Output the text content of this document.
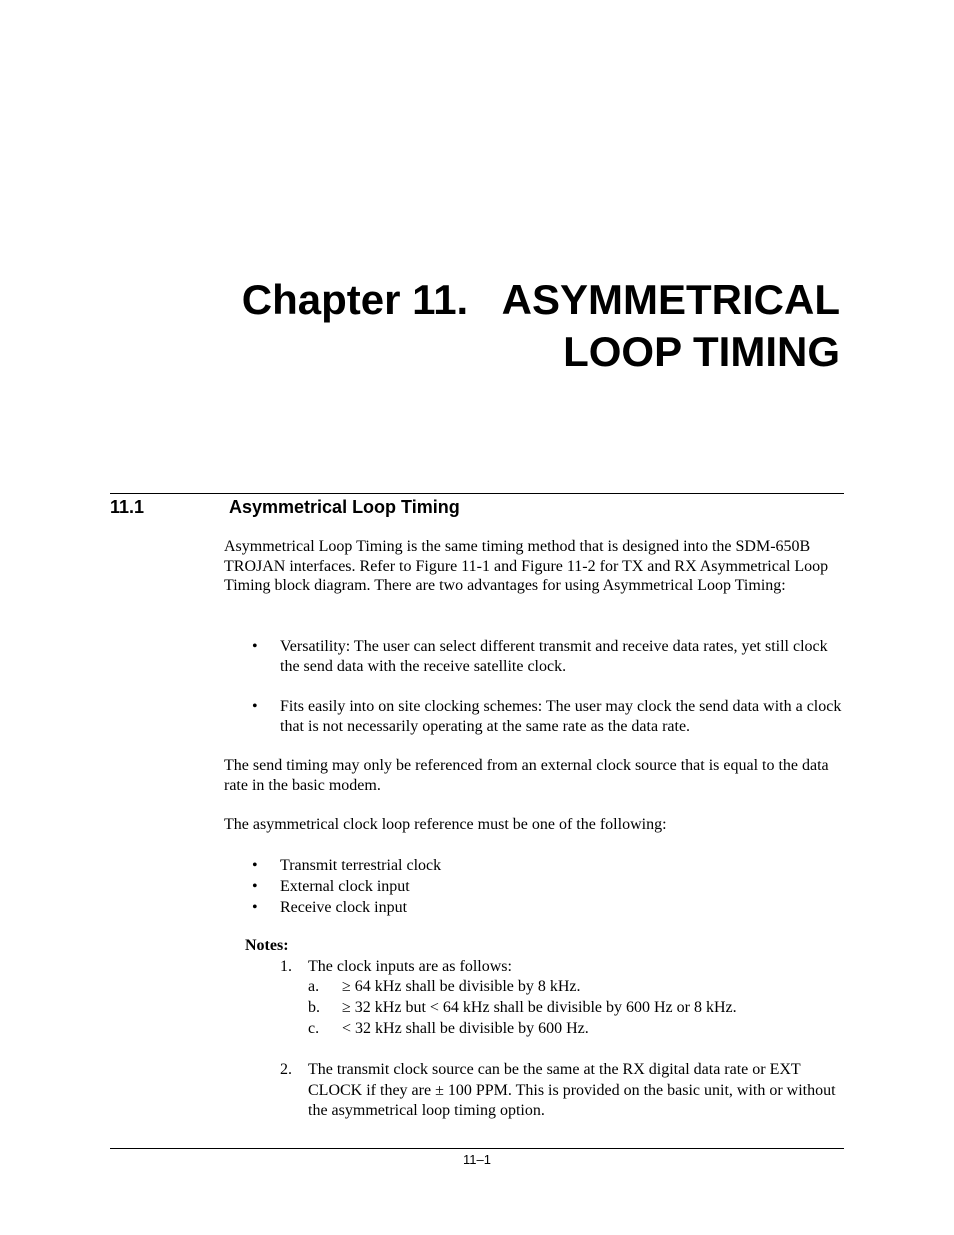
Chapter 11.   ASYMMETRICAL
LOOP TIMING
11.1	Asymmetrical Loop Timing
Asymmetrical Loop Timing is the same timing method that is designed into the SDM-650B TROJAN interfaces. Refer to Figure 11-1 and Figure 11-2 for TX and RX Asymmetrical Loop Timing block diagram. There are two advantages for using Asymmetrical Loop Timing:
• Versatility: The user can select different transmit and receive data rates, yet still clock the send data with the receive satellite clock.
• Fits easily into on site clocking schemes: The user may clock the send data with a clock that is not necessarily operating at the same rate as the data rate.
The send timing may only be referenced from an external clock source that is equal to the data rate in the basic modem.
The asymmetrical clock loop reference must be one of the following:
• Transmit terrestrial clock
• External clock input
• Receive clock input
Notes:
1. The clock inputs are as follows:
a. ≥ 64 kHz shall be divisible by 8 kHz.
b. ≥ 32 kHz but < 64 kHz shall be divisible by 600 Hz or 8 kHz.
c. < 32 kHz shall be divisible by 600 Hz.
2. The transmit clock source can be the same at the RX digital data rate or EXT CLOCK if they are ± 100 PPM. This is provided on the basic unit, with or without the asymmetrical loop timing option.
11–1
